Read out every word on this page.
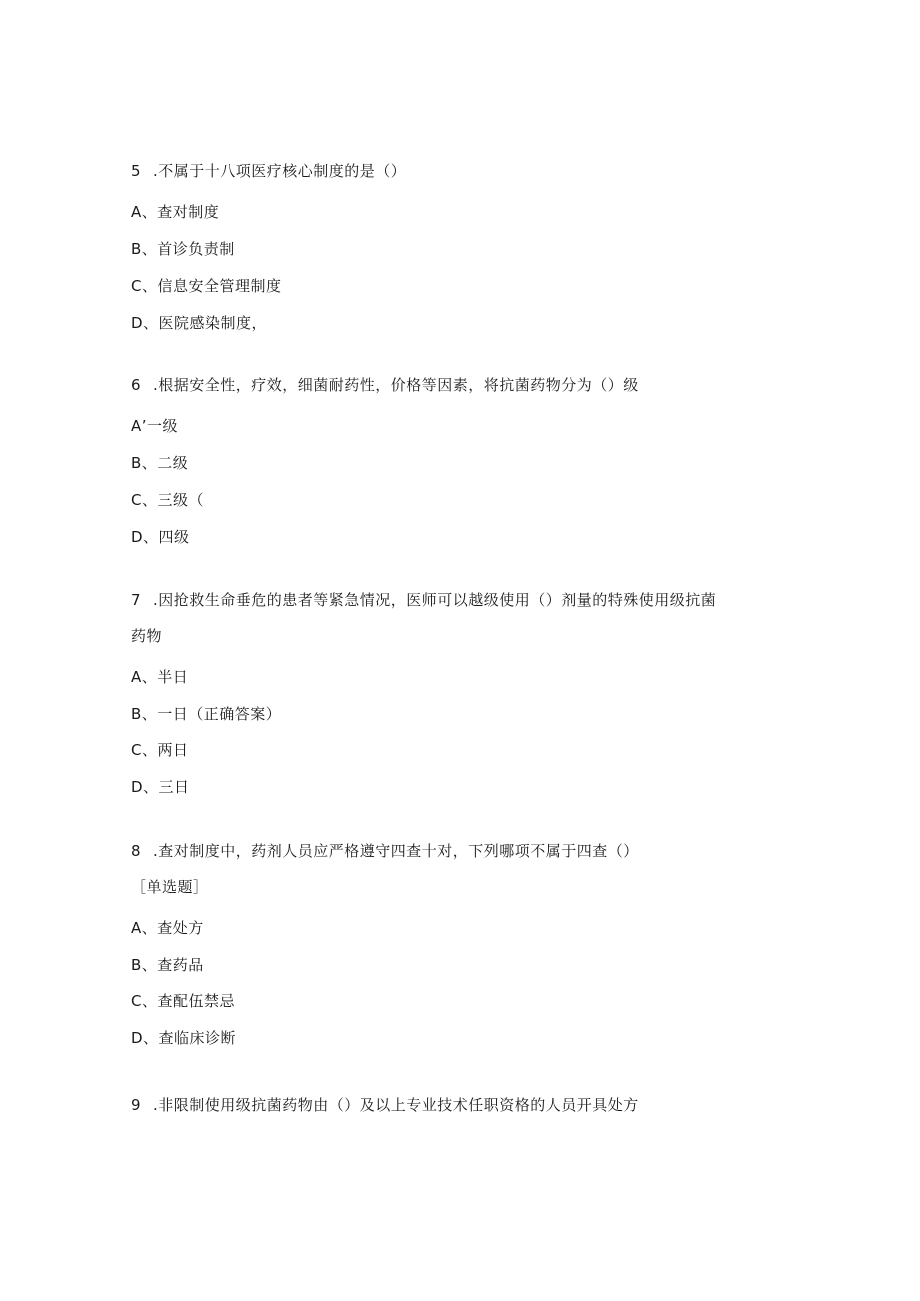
5 .不属于十八项医疗核心制度的是（）
A、查对制度
B、首诊负责制
C、信息安全管理制度
D、医院感染制度，
6 .根据安全性，疗效，细菌耐药性，价格等因素，将抗菌药物分为（）级
A’一级
B、二级
C、三级（
D、四级
7 .因抢救生命垂危的患者等紧急情况，医师可以越级使用（）剂量的特殊使用级抗菌
药物
A、半日
B、一日（正确答案）
C、两日
D、三日
8 .查对制度中，药剂人员应严格遵守四查十对，下列哪项不属于四查（）
［单选题］
A、查处方
B、查药品
C、查配伍禁忌
D、查临床诊断
9 .非限制使用级抗菌药物由（）及以上专业技术任职资格的人员开具处方
